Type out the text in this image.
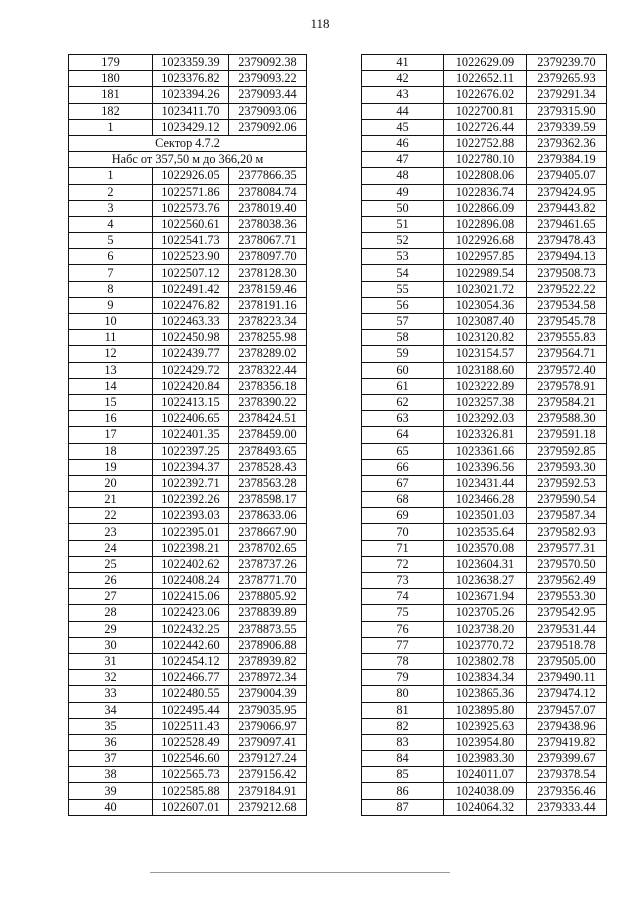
118
179	1023359.39	2379092.38
180	1023376.82	2379093.22
181	1023394.26	2379093.44
182	1023411.70	2379093.06
1	1023429.12	2379092.06
Сектор 4.7.2		
Набс от 357,50 м до 366,20 м		
1	1022926.05	2377866.35
2	1022571.86	2378084.74
3	1022573.76	2378019.40
4	1022560.61	2378038.36
5	1022541.73	2378067.71
6	1022523.90	2378097.70
7	1022507.12	2378128.30
8	1022491.42	2378159.46
9	1022476.82	2378191.16
10	1022463.33	2378223.34
11	1022450.98	2378255.98
12	1022439.77	2378289.02
13	1022429.72	2378322.44
14	1022420.84	2378356.18
15	1022413.15	2378390.22
16	1022406.65	2378424.51
17	1022401.35	2378459.00
18	1022397.25	2378493.65
19	1022394.37	2378528.43
20	1022392.71	2378563.28
21	1022392.26	2378598.17
22	1022393.03	2378633.06
23	1022395.01	2378667.90
24	1022398.21	2378702.65
25	1022402.62	2378737.26
26	1022408.24	2378771.70
27	1022415.06	2378805.92
28	1022423.06	2378839.89
29	1022432.25	2378873.55
30	1022442.60	2378906.88
31	1022454.12	2378939.82
32	1022466.77	2378972.34
33	1022480.55	2379004.39
34	1022495.44	2379035.95
35	1022511.43	2379066.97
36	1022528.49	2379097.41
37	1022546.60	2379127.24
38	1022565.73	2379156.42
39	1022585.88	2379184.91
40	1022607.01	2379212.68
41	1022629.09	2379239.70
42	1022652.11	2379265.93
43	1022676.02	2379291.34
44	1022700.81	2379315.90
45	1022726.44	2379339.59
46	1022752.88	2379362.36
47	1022780.10	2379384.19
48	1022808.06	2379405.07
49	1022836.74	2379424.95
50	1022866.09	2379443.82
51	1022896.08	2379461.65
52	1022926.68	2379478.43
53	1022957.85	2379494.13
54	1022989.54	2379508.73
55	1023021.72	2379522.22
56	1023054.36	2379534.58
57	1023087.40	2379545.78
58	1023120.82	2379555.83
59	1023154.57	2379564.71
60	1023188.60	2379572.40
61	1023222.89	2379578.91
62	1023257.38	2379584.21
63	1023292.03	2379588.30
64	1023326.81	2379591.18
65	1023361.66	2379592.85
66	1023396.56	2379593.30
67	1023431.44	2379592.53
68	1023466.28	2379590.54
69	1023501.03	2379587.34
70	1023535.64	2379582.93
71	1023570.08	2379577.31
72	1023604.31	2379570.50
73	1023638.27	2379562.49
74	1023671.94	2379553.30
75	1023705.26	2379542.95
76	1023738.20	2379531.44
77	1023770.72	2379518.78
78	1023802.78	2379505.00
79	1023834.34	2379490.11
80	1023865.36	2379474.12
81	1023895.80	2379457.07
82	1023925.63	2379438.96
83	1023954.80	2379419.82
84	1023983.30	2379399.67
85	1024011.07	2379378.54
86	1024038.09	2379356.46
87	1024064.32	2379333.44
